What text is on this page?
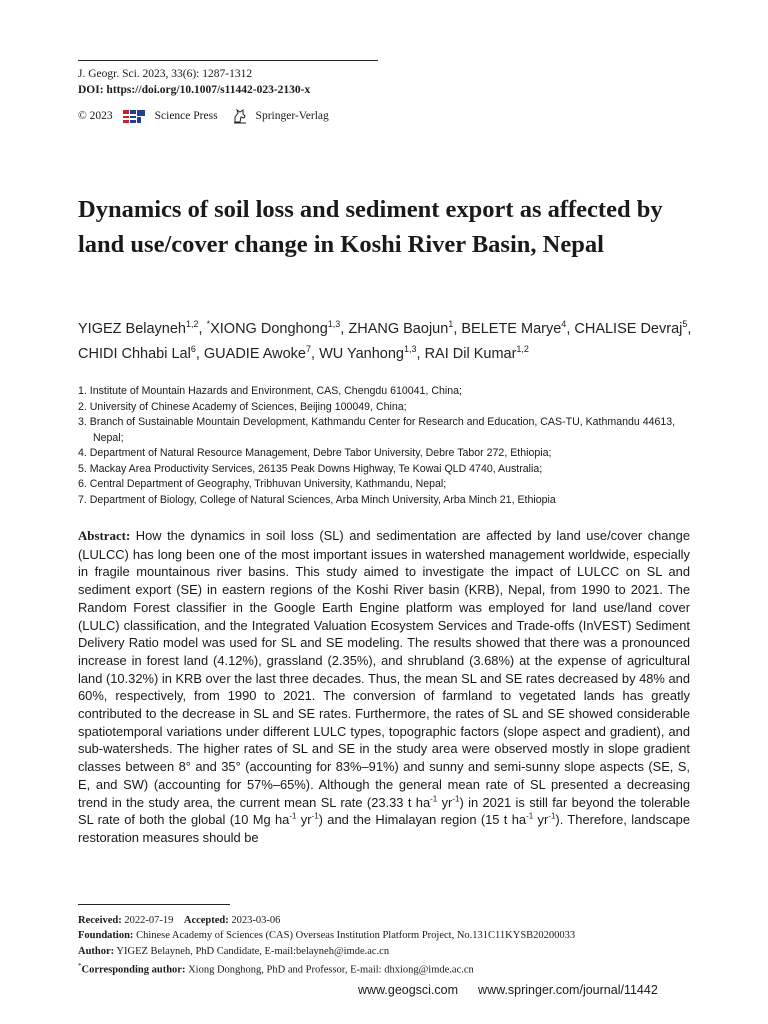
J. Geogr. Sci. 2023, 33(6): 1287-1312
DOI: https://doi.org/10.1007/s11442-023-2130-x
© 2023	Science Press	Springer-Verlag
Dynamics of soil loss and sediment export as affected by land use/cover change in Koshi River Basin, Nepal
YIGEZ Belayneh$^{1,2}$, *XIONG Donghong$^{1,3}$, ZHANG Baojun$^1$, BELETE Marye$^4$, CHALISE Devraj$^5$, CHIDI Chhabi Lal$^6$, GUADIE Awoke$^7$, WU Yanhong$^{1,3}$, RAI Dil Kumar$^{1,2}$
1. Institute of Mountain Hazards and Environment, CAS, Chengdu 610041, China;
2. University of Chinese Academy of Sciences, Beijing 100049, China;
3. Branch of Sustainable Mountain Development, Kathmandu Center for Research and Education, CAS-TU, Kathmandu 44613, Nepal;
4. Department of Natural Resource Management, Debre Tabor University, Debre Tabor 272, Ethiopia;
5. Mackay Area Productivity Services, 26135 Peak Downs Highway, Te Kowai QLD 4740, Australia;
6. Central Department of Geography, Tribhuvan University, Kathmandu, Nepal;
7. Department of Biology, College of Natural Sciences, Arba Minch University, Arba Minch 21, Ethiopia

Abstract: How the dynamics in soil loss (SL) and sedimentation are affected by land use/cover change (LULCC) has long been one of the most important issues in watershed management worldwide, especially in fragile mountainous river basins. This study aimed to investigate the impact of LULCC on SL and sediment export (SE) in eastern regions of the Koshi River basin (KRB), Nepal, from 1990 to 2021. The Random Forest classifier in the Google Earth Engine platform was employed for land use/land cover (LULC) classification, and the Integrated Valuation Ecosystem Services and Trade-offs (InVEST) Sediment Delivery Ratio model was used for SL and SE modeling. The results showed that there was a pronounced increase in forest land (4.12%), grassland (2.35%), and shrubland (3.68%) at the expense of agricultural land (10.32%) in KRB over the last three decades. Thus, the mean SL and SE rates decreased by 48% and 60%, respectively, from 1990 to 2021. The conversion of farmland to vegetated lands has greatly contributed to the decrease in SL and SE rates. Furthermore, the rates of SL and SE showed considerable spatiotemporal variations under different LULC types, topographic factors (slope aspect and gradient), and sub-watersheds. The higher rates of SL and SE in the study area were observed mostly in slope gradient classes between 8° and 35° (accounting for 83%–91%) and sunny and semi-sunny slope aspects (SE, S, E, and SW) (accounting for 57%–65%). Although the general mean rate of SL presented a decreasing trend in the study area, the current mean SL rate (23.33 t $ha^{-1}$ $yr^{-1}$) in 2021 is still far beyond the tolerable SL rate of both the global (10 Mg $ha^{-1}$ $yr^{-1}$) and the Himalayan region (15 t $ha^{-1}$ $yr^{-1}$). Therefore, landscape restoration measures should be

Received: 2022-07-19 Accepted: 2023-03-06
Foundation: Chinese Academy of Sciences (CAS) Overseas Institution Platform Project, No.131C11KYSB20200033
Author: YIGEZ Belayneh, PhD Candidate, E-mail:belayneh@imde.ac.cn
*Corresponding author: Xiong Donghong, PhD and Professor, E-mail: dhxiong@imde.ac.cn
www.geogsci.com www.springer.com/journal/11442
